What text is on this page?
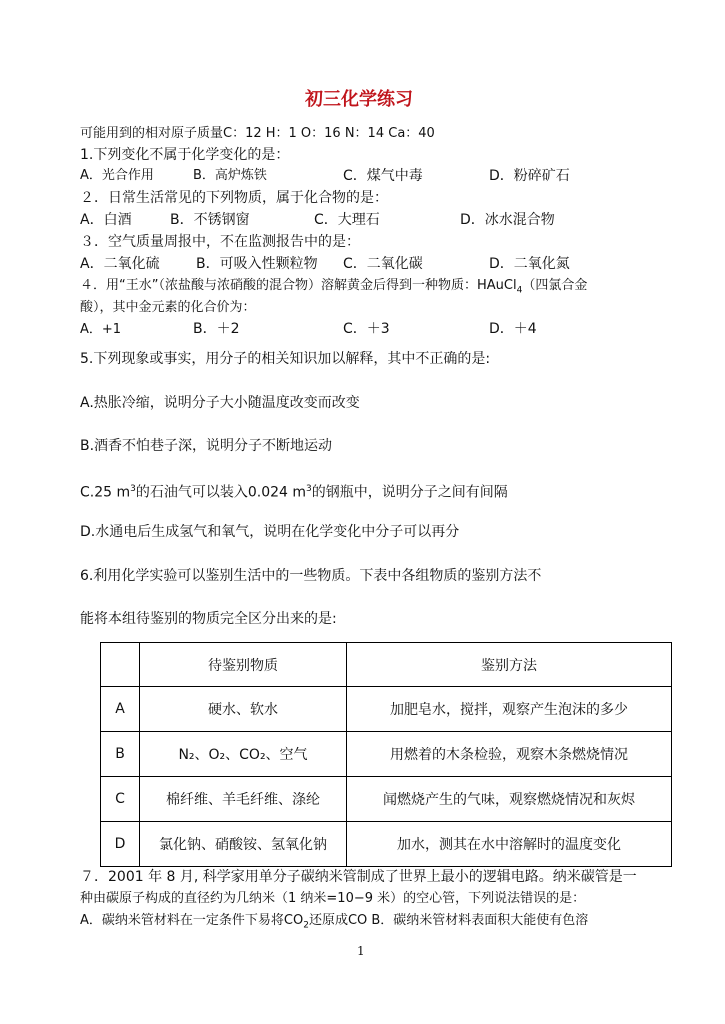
初三化学练习
可能用到的相对原子质量C：12 H：1 O：16 N：14 Ca：40
1.下列变化不属于化学变化的是：
A．光合作用	B．高炉炼铁	C．煤气中毒	D．粉碎矿石
２．日常生活常见的下列物质，属于化合物的是：
A．白酒	B．不锈钢窗	C．大理石	D．冰水混合物
３．空气质量周报中，不在监测报告中的是：
A．二氧化硫	B．可吸入性颗粒物 C．二氧化碳	D．二氧化氮
４．用“王水”（浓盐酸与浓硝酸的混合物）溶解黄金后得到一种物质：HAuCl$_4$（四氯合金
酸），其中金元素的化合价为：
A．+1	B．＋2	C．＋3	D．＋4
5.下列现象或事实，用分子的相关知识加以解释，其中不正确的是:
A.热胀冷缩，说明分子大小随温度改变而改变
B.酒香不怕巷子深，说明分子不断地运动
C.25 $m^3$的石油气可以装入0.024 $m^3$的钢瓶中，说明分子之间有间隔
D.水通电后生成氢气和氧气，说明在化学变化中分子可以再分
6.利用化学实验可以鉴别生活中的一些物质。下表中各组物质的鉴别方法不
能将本组待鉴别的物质完全区分出来的是:
	待鉴别物质	鉴别方法
A	硬水、软水	加肥皂水，搅拌，观察产生泡沫的多少
B	N₂、O₂、CO₂、空气	用燃着的木条检验，观察木条燃烧情况
C	棉纤维、羊毛纤维、涤纶	闻燃烧产生的气味，观察燃烧情况和灰烬
D	氯化钠、硝酸铵、氢氧化钠	加水，测其在水中溶解时的温度变化
７．2001 年 8 月, 科学家用单分子碳纳米管制成了世界上最小的逻辑电路。纳米碳管是一
种由碳原子构成的直径约为几纳米（1 纳米=10−9 米）的空心管，下列说法错误的是：
A．碳纳米管材料在一定条件下易将$CO_2$还原成CO B．碳纳米管材料表面积大能使有色溶
1
